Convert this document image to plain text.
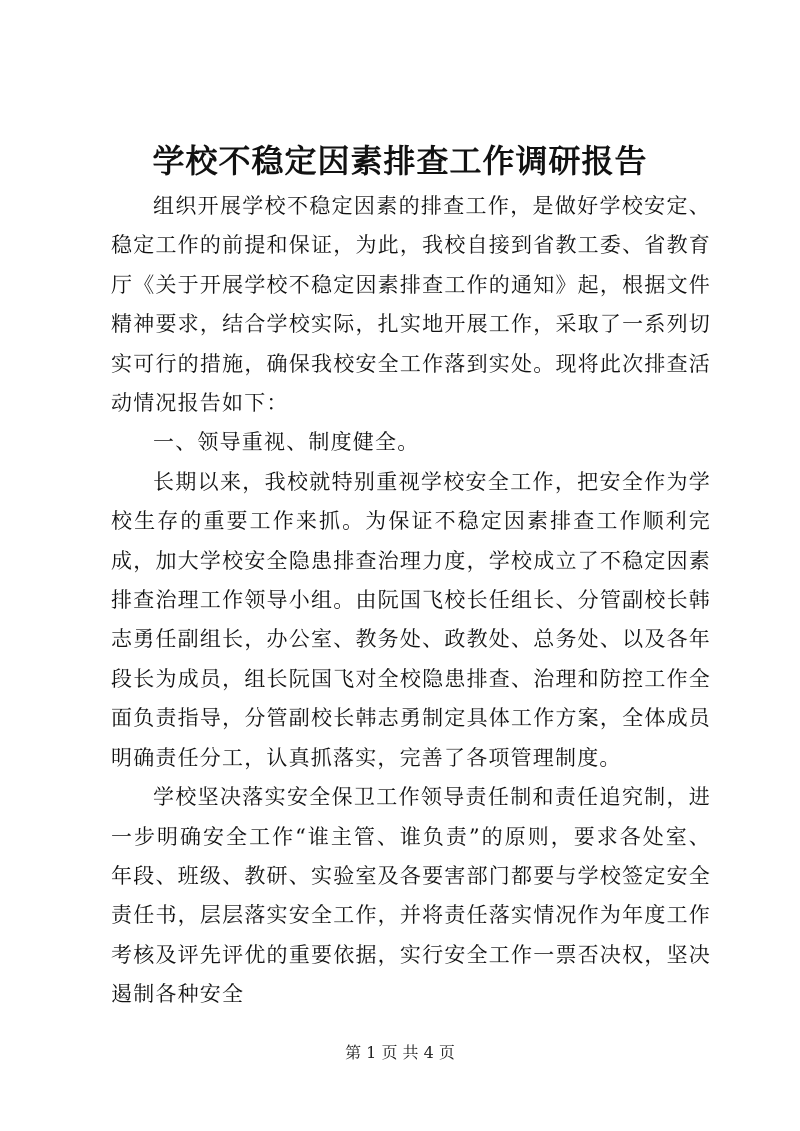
学校不稳定因素排查工作调研报告

组织开展学校不稳定因素的排查工作，是做好学校安定、稳定工作的前提和保证，为此，我校自接到省教工委、省教育厅《关于开展学校不稳定因素排查工作的通知》起，根据文件精神要求，结合学校实际，扎实地开展工作，采取了一系列切实可行的措施，确保我校安全工作落到实处。现将此次排查活动情况报告如下：

一、领导重视、制度健全。

长期以来，我校就特别重视学校安全工作，把安全作为学校生存的重要工作来抓。为保证不稳定因素排查工作顺利完成，加大学校安全隐患排查治理力度，学校成立了不稳定因素排查治理工作领导小组。由阮国飞校长任组长、分管副校长韩志勇任副组长，办公室、教务处、政教处、总务处、以及各年段长为成员，组长阮国飞对全校隐患排查、治理和防控工作全面负责指导，分管副校长韩志勇制定具体工作方案，全体成员明确责任分工，认真抓落实，完善了各项管理制度。

学校坚决落实安全保卫工作领导责任制和责任追究制，进一步明确安全工作“谁主管、谁负责”的原则，要求各处室、年段、班级、教研、实验室及各要害部门都要与学校签定安全责任书，层层落实安全工作，并将责任落实情况作为年度工作考核及评先评优的重要依据，实行安全工作一票否决权，坚决遏制各种安全

第 1 页 共 4 页
